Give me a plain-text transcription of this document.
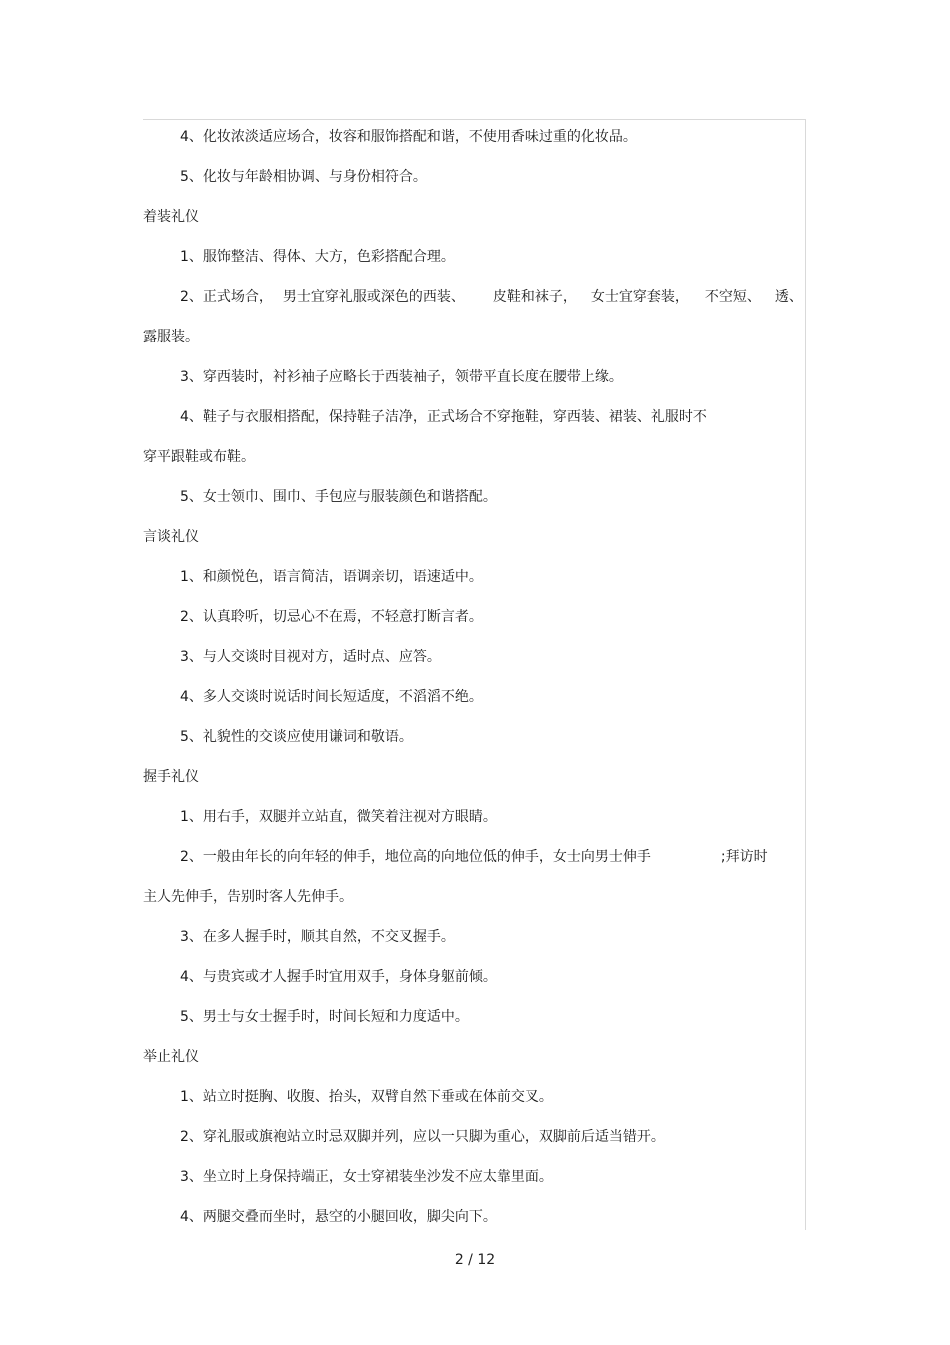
4、化妆浓淡适应场合，妆容和服饰搭配和谐，不使用香味过重的化妆品。
5、化妆与年龄相协调、与身份相符合。
着装礼仪
1、服饰整洁、得体、大方，色彩搭配合理。
2、正式场合， 男士宜穿礼服或深色的西装、 皮鞋和袜子， 女士宜穿套装， 不空短、 透、
露服装。
3、穿西装时，衬衫袖子应略长于西装袖子，领带平直长度在腰带上缘。
4、鞋子与衣服相搭配，保持鞋子洁净，正式场合不穿拖鞋，穿西装、裙装、礼服时不
穿平跟鞋或布鞋。
5、女士领巾、围巾、手包应与服装颜色和谐搭配。
言谈礼仪
1、和颜悦色，语言简洁，语调亲切，语速适中。
2、认真聆听，切忌心不在焉，不轻意打断言者。
3、与人交谈时目视对方，适时点、应答。
4、多人交谈时说话时间长短适度，不滔滔不绝。
5、礼貌性的交谈应使用谦词和敬语。
握手礼仪
1、用右手，双腿并立站直，微笑着注视对方眼睛。
2、一般由年长的向年轻的伸手，地位高的向地位低的伸手，女士向男士伸手	;拜访时
主人先伸手，告别时客人先伸手。
3、在多人握手时，顺其自然，不交叉握手。
4、与贵宾或才人握手时宜用双手，身体身躯前倾。
5、男士与女士握手时，时间长短和力度适中。
举止礼仪
1、站立时挺胸、收腹、抬头，双臂自然下垂或在体前交叉。
2、穿礼服或旗袍站立时忌双脚并列，应以一只脚为重心，双脚前后适当错开。
3、坐立时上身保持端正，女士穿裙装坐沙发不应太靠里面。
4、两腿交叠而坐时，悬空的小腿回收，脚尖向下。
2 / 12
